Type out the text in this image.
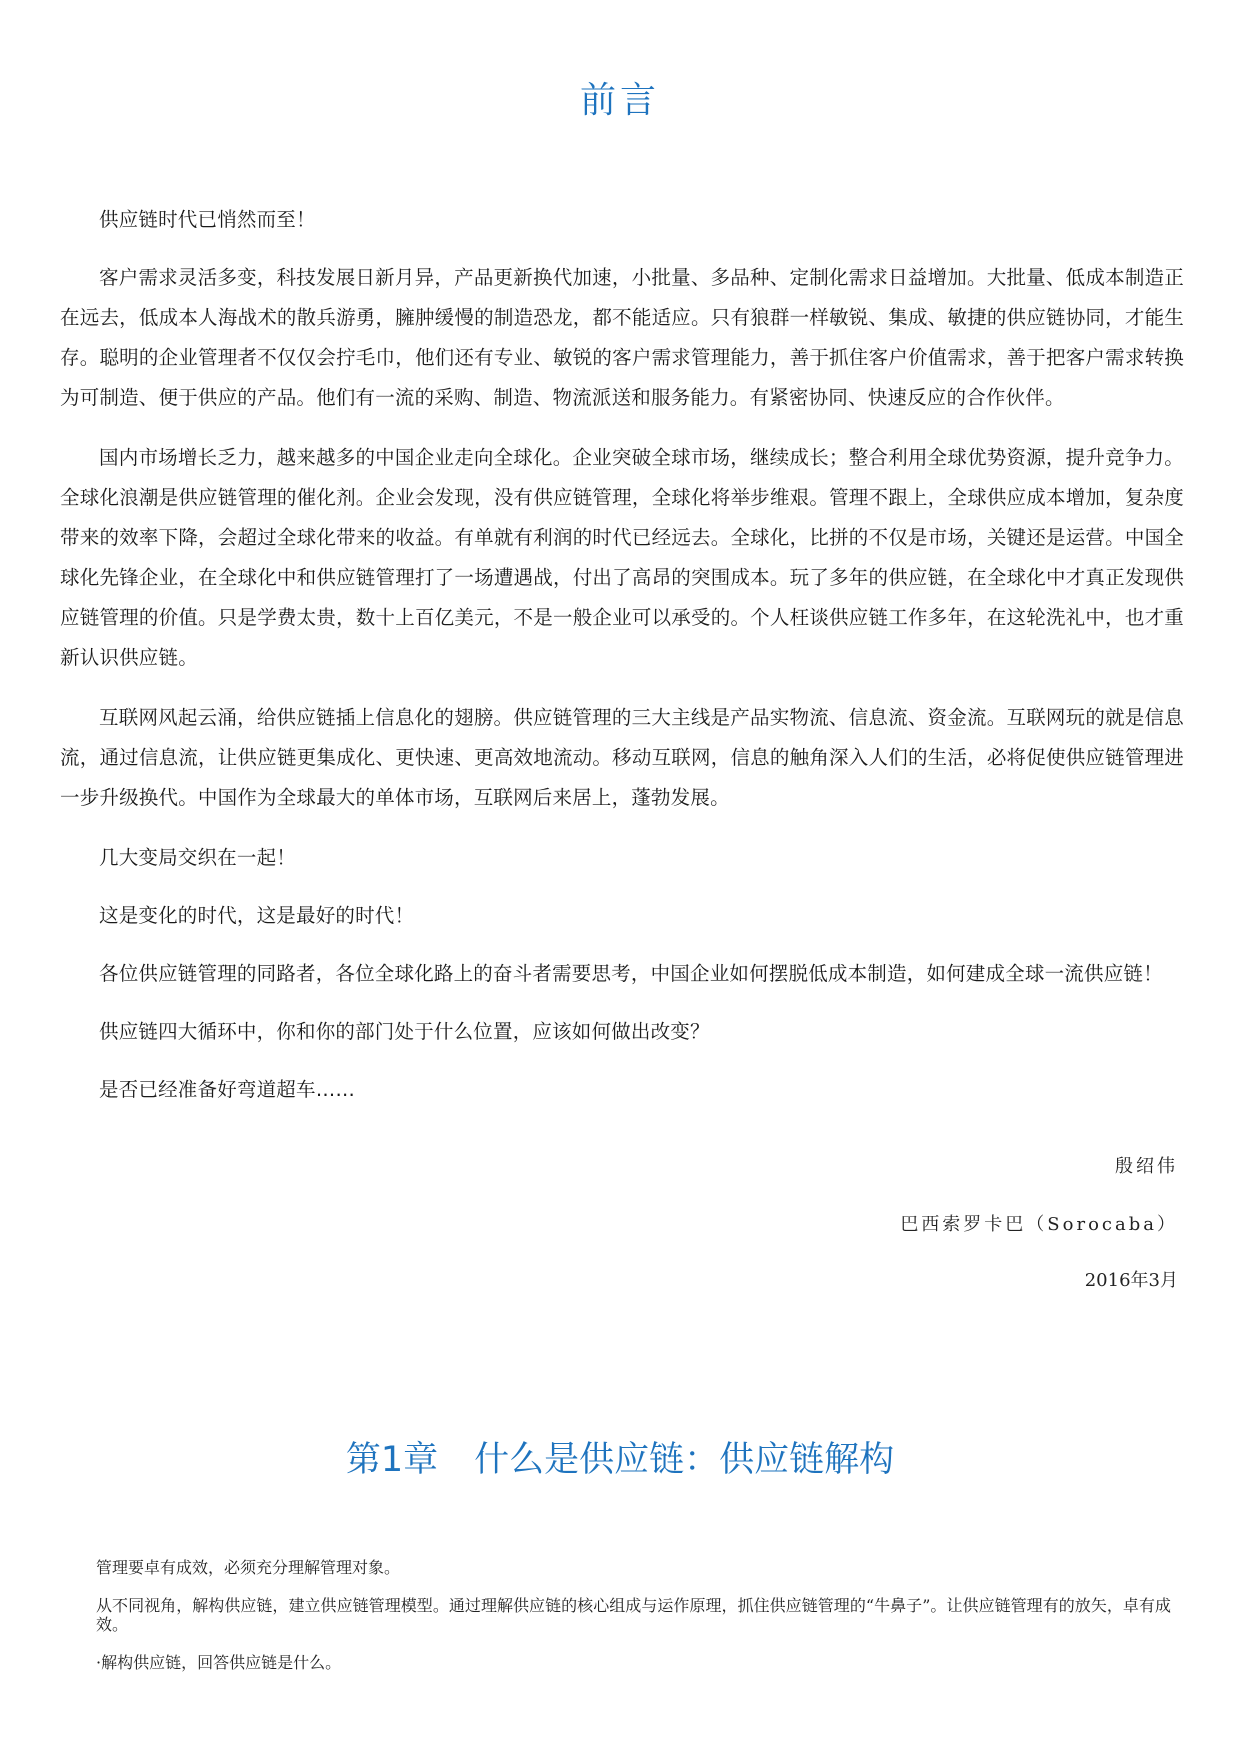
前言

供应链时代已悄然而至！

客户需求灵活多变，科技发展日新月异，产品更新换代加速，小批量、多品种、定制化需求日益增加。大批量、低成本制造正在远去，低成本人海战术的散兵游勇，臃肿缓慢的制造恐龙，都不能适应。只有狼群一样敏锐、集成、敏捷的供应链协同，才能生存。聪明的企业管理者不仅仅会拧毛巾，他们还有专业、敏锐的客户需求管理能力，善于抓住客户价值需求，善于把客户需求转换为可制造、便于供应的产品。他们有一流的采购、制造、物流派送和服务能力。有紧密协同、快速反应的合作伙伴。

国内市场增长乏力，越来越多的中国企业走向全球化。企业突破全球市场，继续成长；整合利用全球优势资源，提升竞争力。全球化浪潮是供应链管理的催化剂。企业会发现，没有供应链管理，全球化将举步维艰。管理不跟上，全球供应成本增加，复杂度带来的效率下降，会超过全球化带来的收益。有单就有利润的时代已经远去。全球化，比拼的不仅是市场，关键还是运营。中国全球化先锋企业，在全球化中和供应链管理打了一场遭遇战，付出了高昂的突围成本。玩了多年的供应链，在全球化中才真正发现供应链管理的价值。只是学费太贵，数十上百亿美元，不是一般企业可以承受的。个人枉谈供应链工作多年，在这轮洗礼中，也才重新认识供应链。

互联网风起云涌，给供应链插上信息化的翅膀。供应链管理的三大主线是产品实物流、信息流、资金流。互联网玩的就是信息流，通过信息流，让供应链更集成化、更快速、更高效地流动。移动互联网，信息的触角深入人们的生活，必将促使供应链管理进一步升级换代。中国作为全球最大的单体市场，互联网后来居上，蓬勃发展。

几大变局交织在一起！

这是变化的时代，这是最好的时代！

各位供应链管理的同路者，各位全球化路上的奋斗者需要思考，中国企业如何摆脱低成本制造，如何建成全球一流供应链！

供应链四大循环中，你和你的部门处于什么位置，应该如何做出改变？

是否已经准备好弯道超车……

殷绍伟
巴西索罗卡巴（Sorocaba）
2016年3月
第1章 什么是供应链：供应链解构

管理要卓有成效，必须充分理解管理对象。

从不同视角，解构供应链，建立供应链管理模型。通过理解供应链的核心组成与运作原理，抓住供应链管理的“牛鼻子”。让供应链管理有的放矢，卓有成效。

·解构供应链，回答供应链是什么。
